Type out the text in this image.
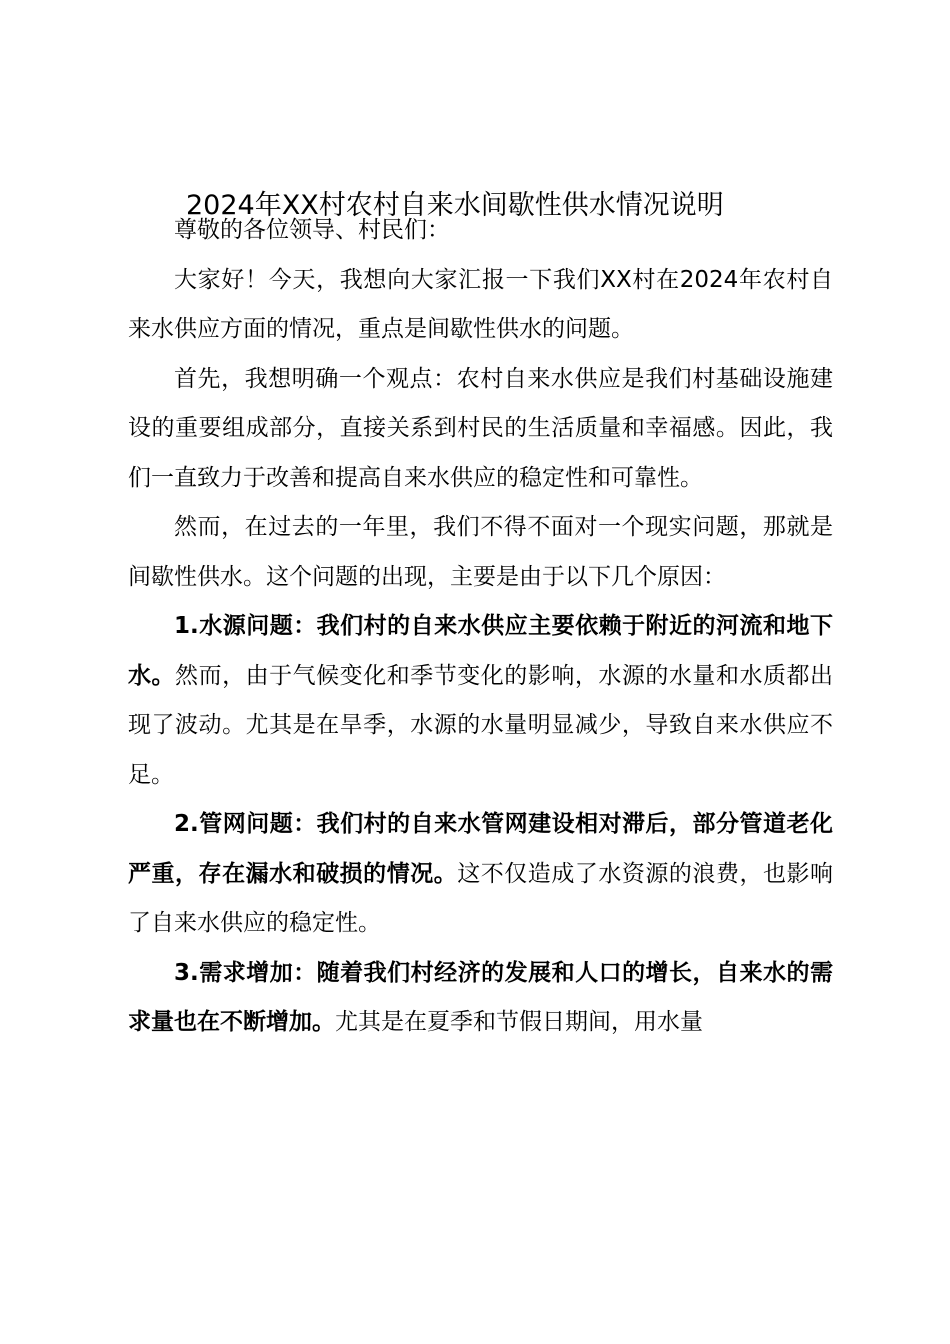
2024年XX村农村自来水间歇性供水情况说明

尊敬的各位领导、村民们：

大家好！今天，我想向大家汇报一下我们XX村在2024年农村自来水供应方面的情况，重点是间歇性供水的问题。

首先，我想明确一个观点：农村自来水供应是我们村基础设施建设的重要组成部分，直接关系到村民的生活质量和幸福感。因此，我们一直致力于改善和提高自来水供应的稳定性和可靠性。

然而，在过去的一年里，我们不得不面对一个现实问题，那就是间歇性供水。这个问题的出现，主要是由于以下几个原因：

1.水源问题：我们村的自来水供应主要依赖于附近的河流和地下水。然而，由于气候变化和季节变化的影响，水源的水量和水质都出现了波动。尤其是在旱季，水源的水量明显减少，导致自来水供应不足。

2.管网问题：我们村的自来水管网建设相对滞后，部分管道老化严重，存在漏水和破损的情况。这不仅造成了水资源的浪费，也影响了自来水供应的稳定性。

3.需求增加：随着我们村经济的发展和人口的增长，自来水的需求量也在不断增加。尤其是在夏季和节假日期间，用水量
